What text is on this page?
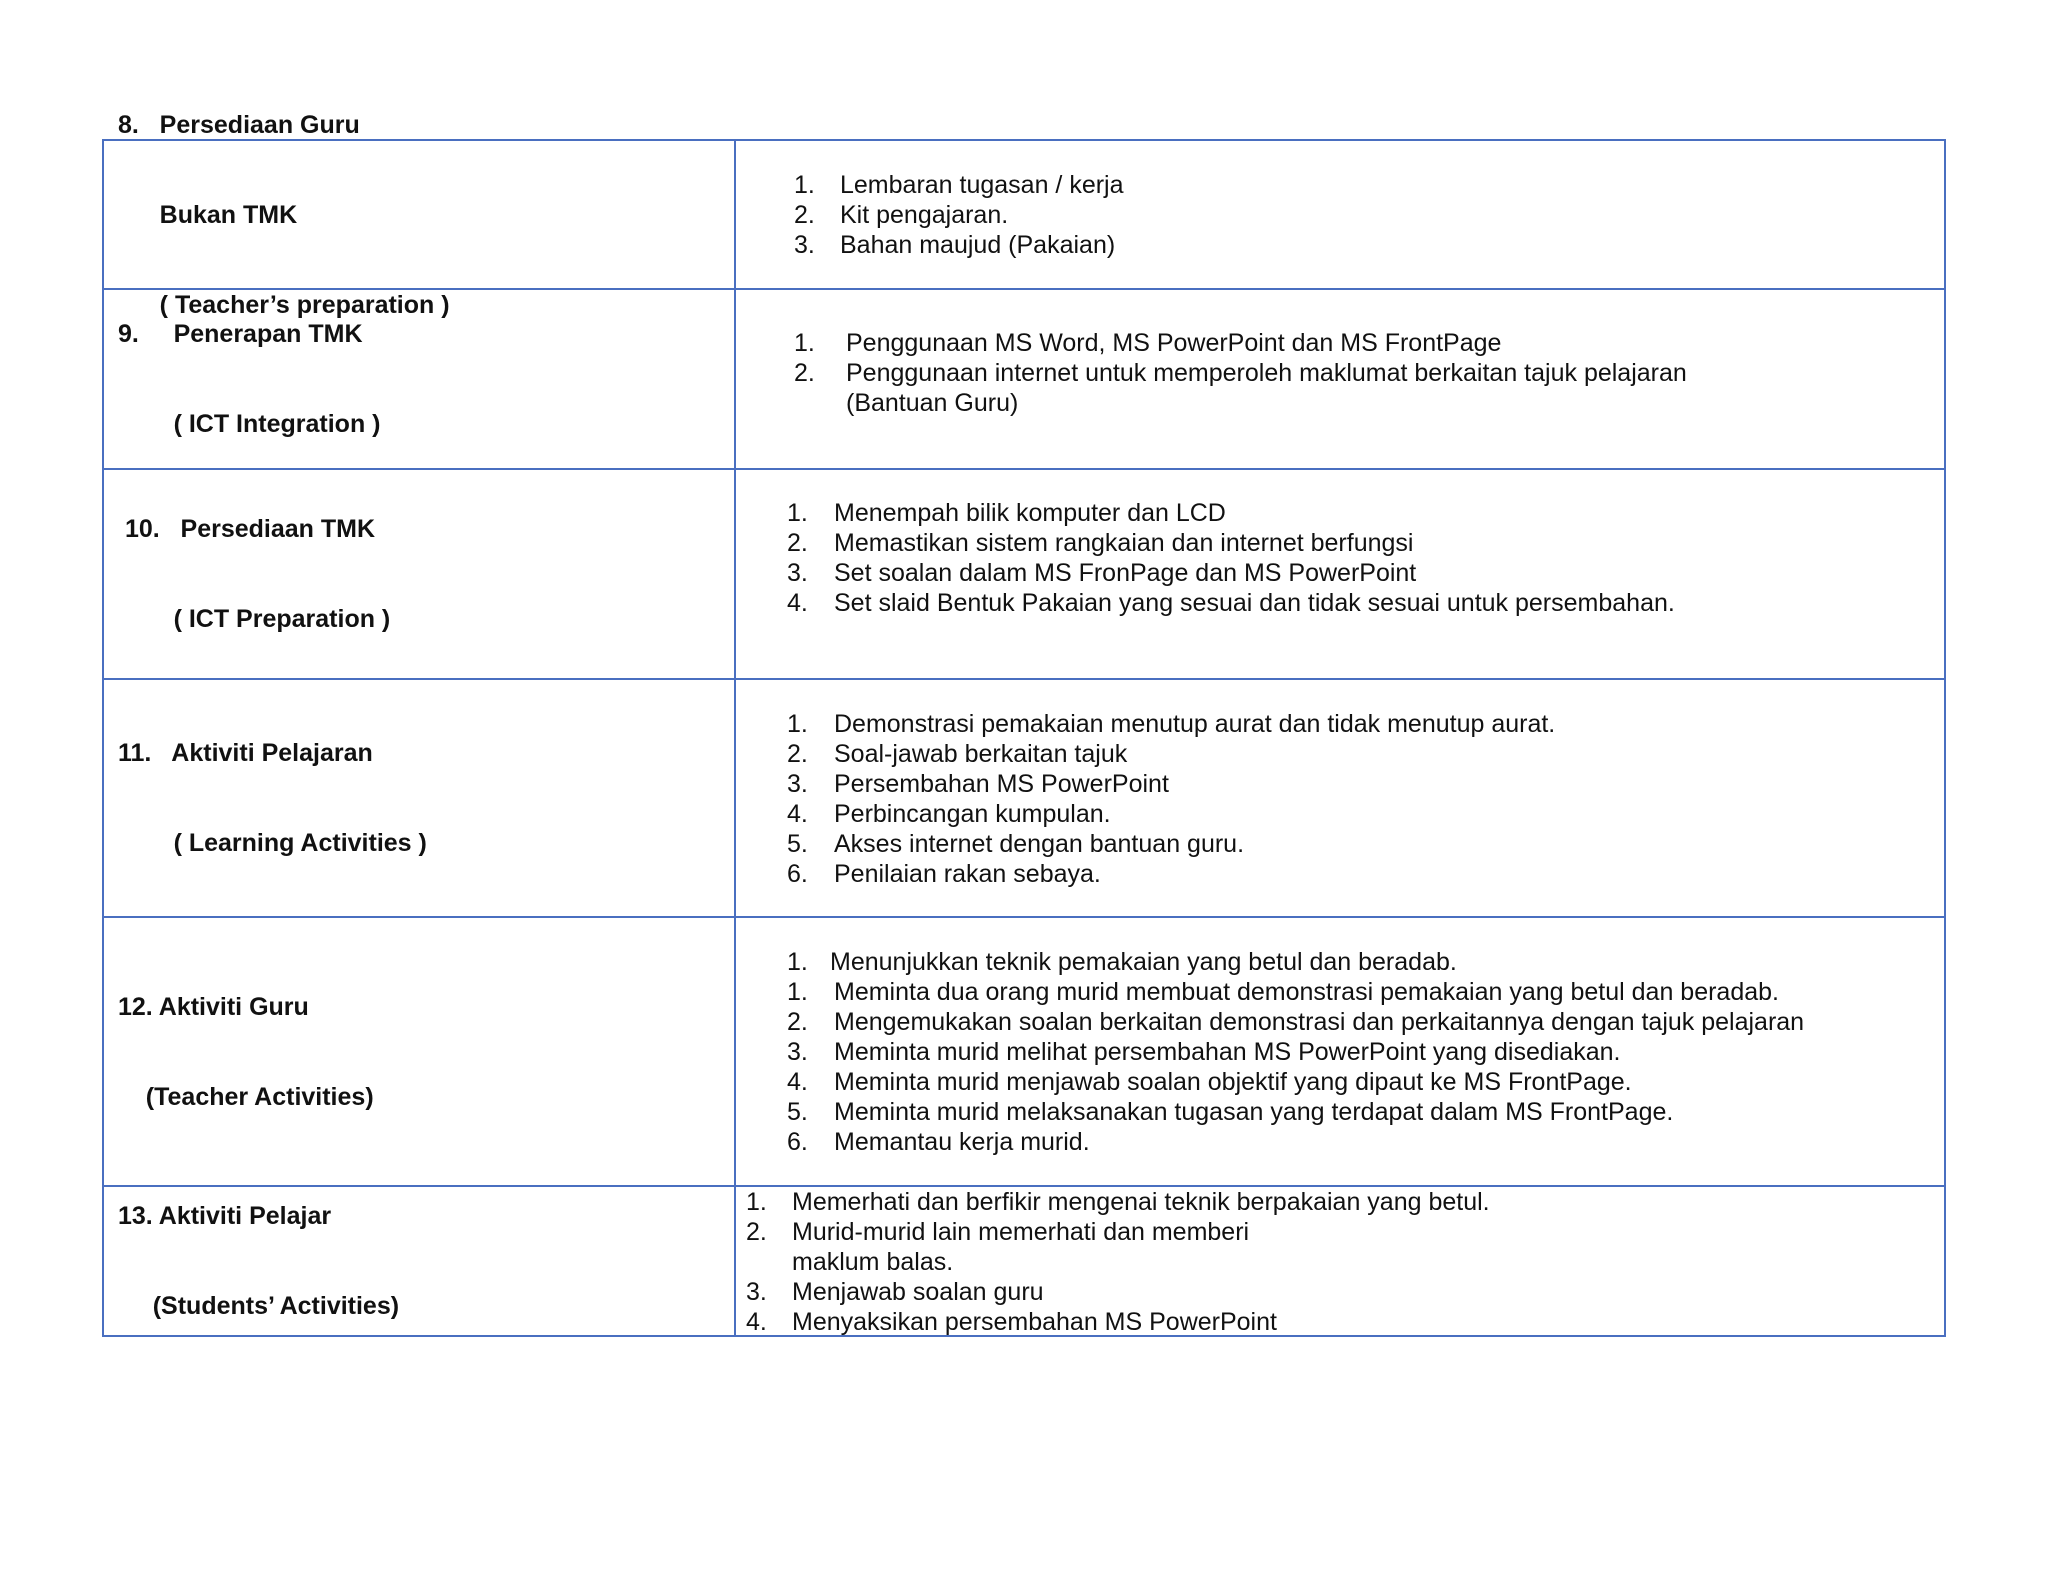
8.   Persediaan Guru

Bukan TMK

( Teacher’s preparation )

1.	Lembaran tugasan / kerja
2.	Kit pengajaran.
3.	Bahan maujud (Pakaian)

9.     Penerapan TMK

( ICT Integration )

1.	Penggunaan MS Word, MS PowerPoint dan MS FrontPage
2.	Penggunaan internet untuk memperoleh maklumat berkaitan tajuk pelajaran
(Bantuan Guru)

10.   Persediaan TMK

( ICT Preparation )

1.	Menempah bilik komputer dan LCD
2.	Memastikan sistem rangkaian dan internet berfungsi
3.	Set soalan dalam MS FronPage dan MS PowerPoint
4.	Set slaid Bentuk Pakaian yang sesuai dan tidak sesuai untuk persembahan.

11.   Aktiviti Pelajaran

( Learning Activities )

1.	Demonstrasi pemakaian menutup aurat dan tidak menutup aurat.
2.	Soal-jawab berkaitan tajuk
3.	Persembahan MS PowerPoint
4.	Perbincangan kumpulan.
5.	Akses internet dengan bantuan guru.
6.	Penilaian rakan sebaya.

12. Aktiviti Guru

(Teacher Activities)

1. Menunjukkan teknik pemakaian yang betul dan beradab.
1.	Meminta dua orang murid membuat demonstrasi pemakaian yang betul dan beradab.
2.	Mengemukakan soalan berkaitan demonstrasi dan perkaitannya dengan tajuk pelajaran
3.	Meminta murid melihat persembahan MS PowerPoint yang disediakan.
4.	Meminta murid menjawab soalan objektif yang dipaut ke MS FrontPage.
5.	Meminta murid melaksanakan tugasan yang terdapat dalam MS FrontPage.
6.	Memantau kerja murid.

13. Aktiviti Pelajar

(Students’ Activities)

1.	Memerhati dan berfikir mengenai teknik berpakaian yang betul.
2.	Murid-murid lain memerhati dan memberi
maklum balas.
3.	Menjawab soalan guru
4.	Menyaksikan persembahan MS PowerPoint
